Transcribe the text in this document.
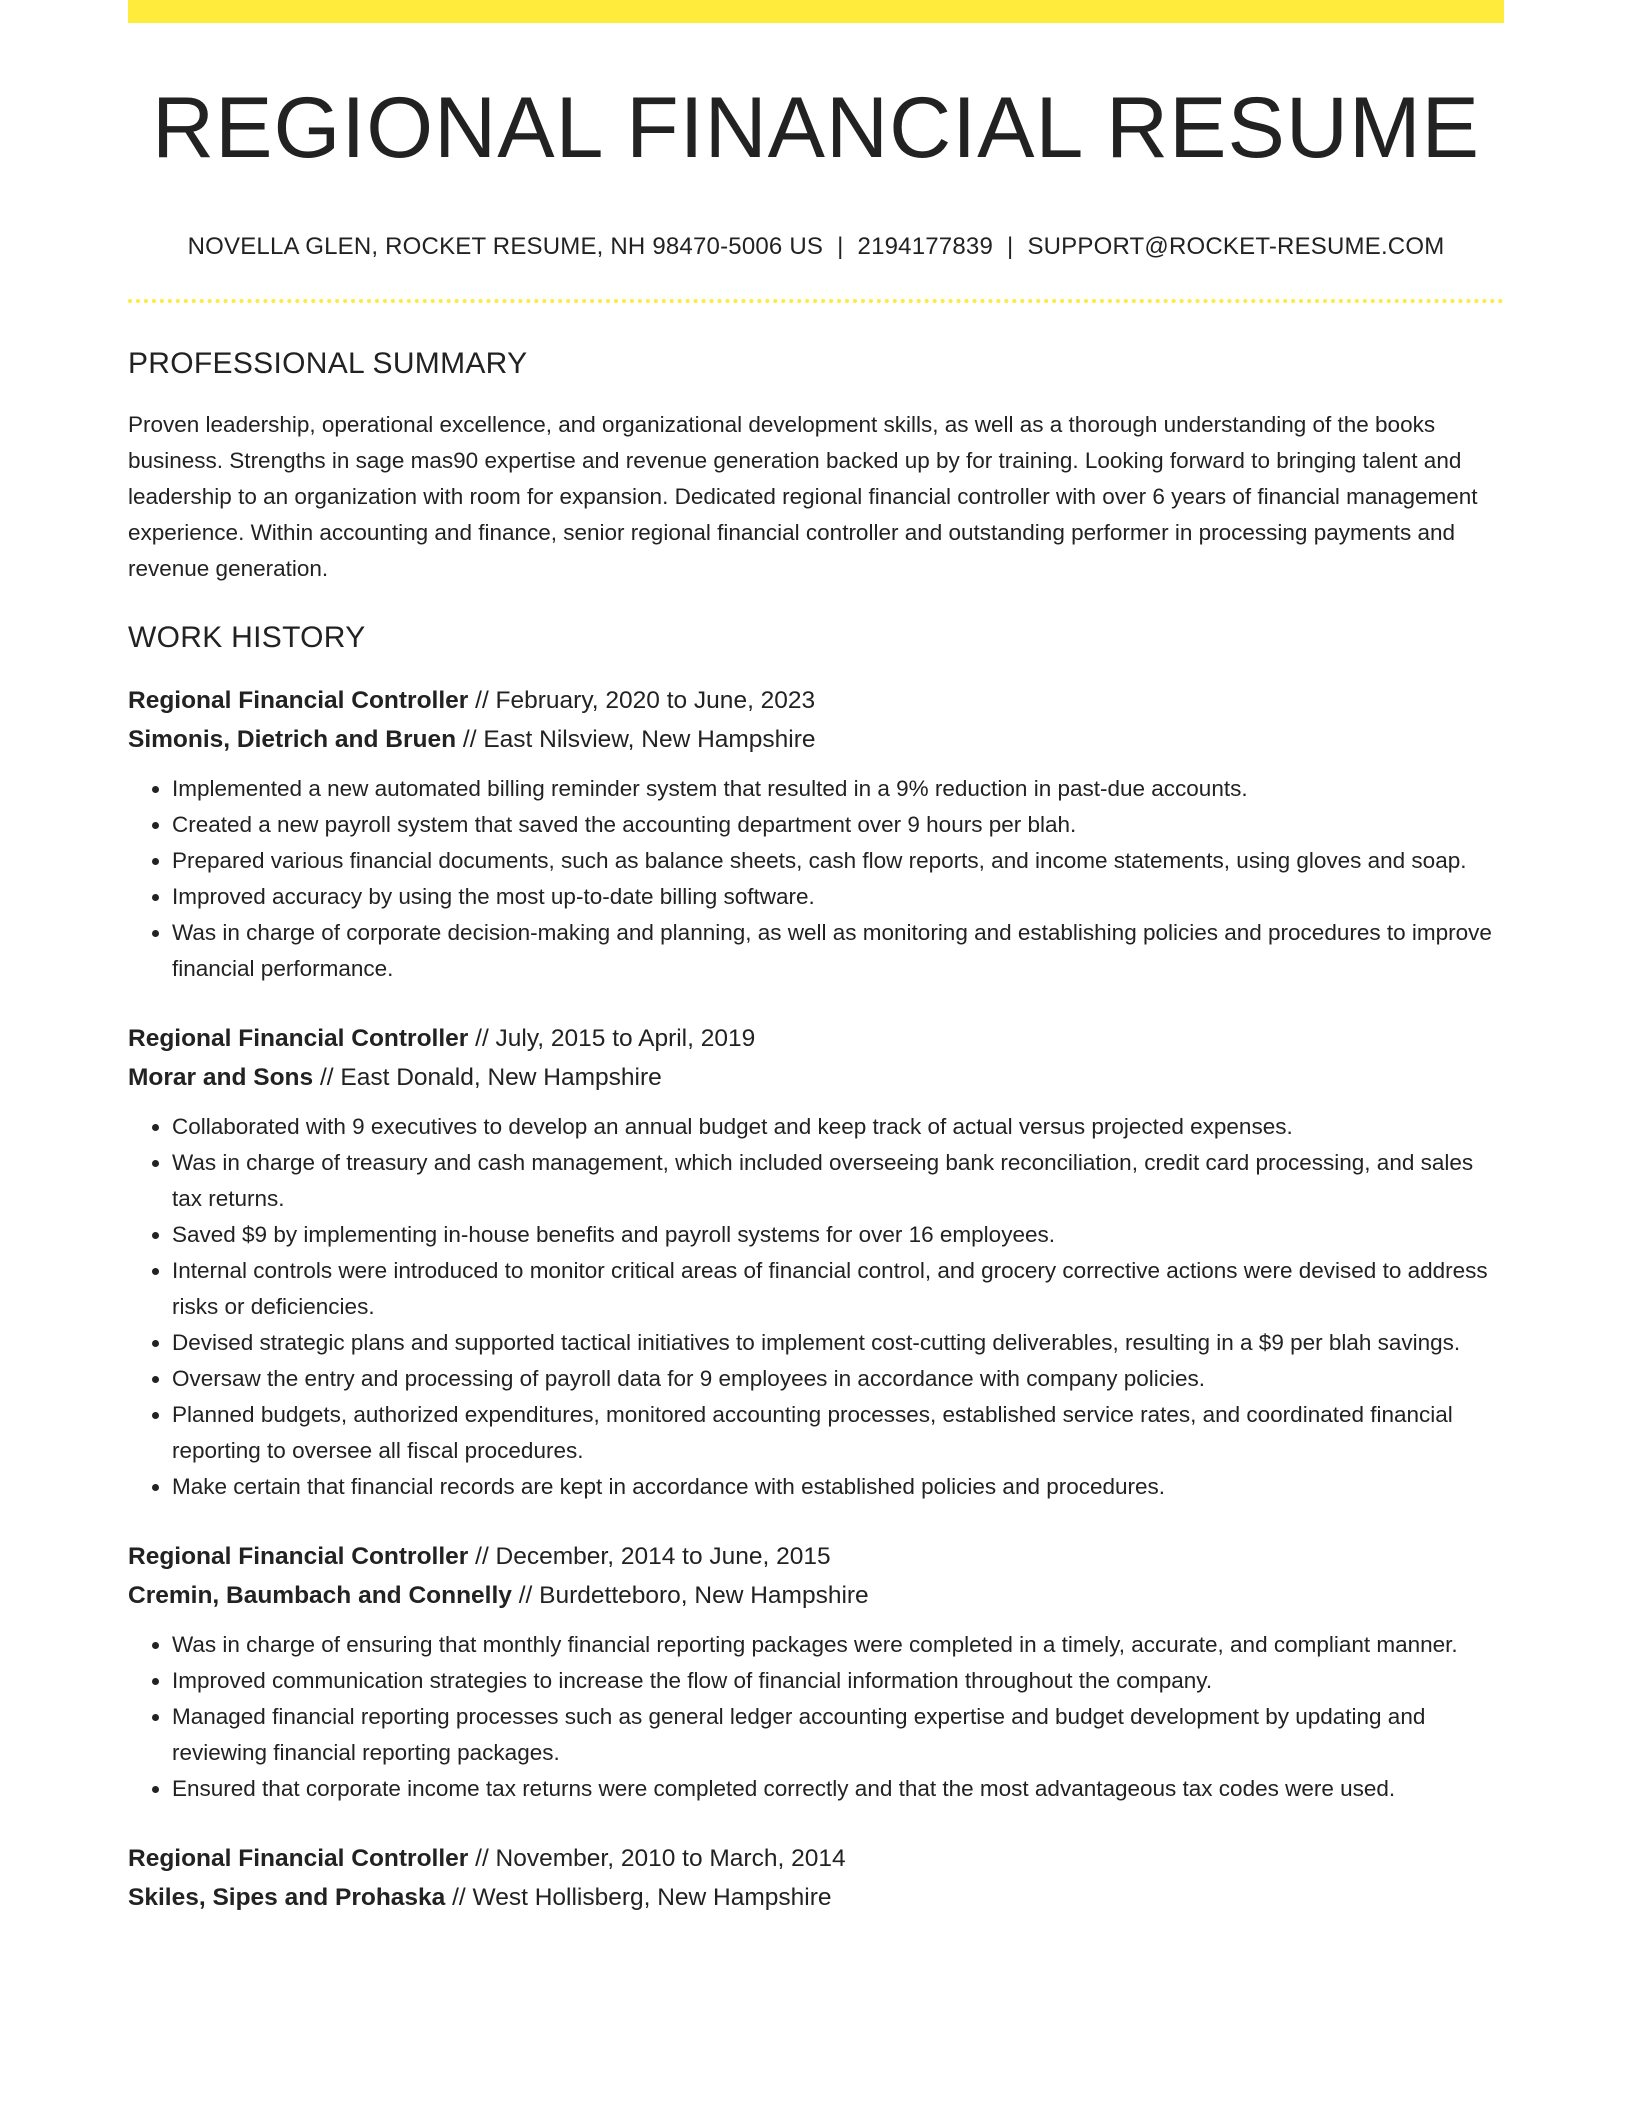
REGIONAL FINANCIAL RESUME
NOVELLA GLEN, ROCKET RESUME, NH 98470-5006 US | 2194177839 | SUPPORT@ROCKET-RESUME.COM
PROFESSIONAL SUMMARY

Proven leadership, operational excellence, and organizational development skills, as well as a thorough understanding of the books business. Strengths in sage mas90 expertise and revenue generation backed up by for training. Looking forward to bringing talent and leadership to an organization with room for expansion. Dedicated regional financial controller with over 6 years of financial management experience. Within accounting and finance, senior regional financial controller and outstanding performer in processing payments and revenue generation.

WORK HISTORY
Regional Financial Controller // February, 2020 to June, 2023
Simonis, Dietrich and Bruen // East Nilsview, New Hampshire
• Implemented a new automated billing reminder system that resulted in a 9% reduction in past-due accounts.
• Created a new payroll system that saved the accounting department over 9 hours per blah.
• Prepared various financial documents, such as balance sheets, cash flow reports, and income statements, using gloves and soap.
• Improved accuracy by using the most up-to-date billing software.
• Was in charge of corporate decision-making and planning, as well as monitoring and establishing policies and procedures to improve financial performance.
Regional Financial Controller // July, 2015 to April, 2019
Morar and Sons // East Donald, New Hampshire
• Collaborated with 9 executives to develop an annual budget and keep track of actual versus projected expenses.
• Was in charge of treasury and cash management, which included overseeing bank reconciliation, credit card processing, and sales tax returns.
• Saved $9 by implementing in-house benefits and payroll systems for over 16 employees.
• Internal controls were introduced to monitor critical areas of financial control, and grocery corrective actions were devised to address risks or deficiencies.
• Devised strategic plans and supported tactical initiatives to implement cost-cutting deliverables, resulting in a $9 per blah savings.
• Oversaw the entry and processing of payroll data for 9 employees in accordance with company policies.
• Planned budgets, authorized expenditures, monitored accounting processes, established service rates, and coordinated financial reporting to oversee all fiscal procedures.
• Make certain that financial records are kept in accordance with established policies and procedures.
Regional Financial Controller // December, 2014 to June, 2015
Cremin, Baumbach and Connelly // Burdetteboro, New Hampshire
• Was in charge of ensuring that monthly financial reporting packages were completed in a timely, accurate, and compliant manner.
• Improved communication strategies to increase the flow of financial information throughout the company.
• Managed financial reporting processes such as general ledger accounting expertise and budget development by updating and reviewing financial reporting packages.
• Ensured that corporate income tax returns were completed correctly and that the most advantageous tax codes were used.
Regional Financial Controller // November, 2010 to March, 2014
Skiles, Sipes and Prohaska // West Hollisberg, New Hampshire
